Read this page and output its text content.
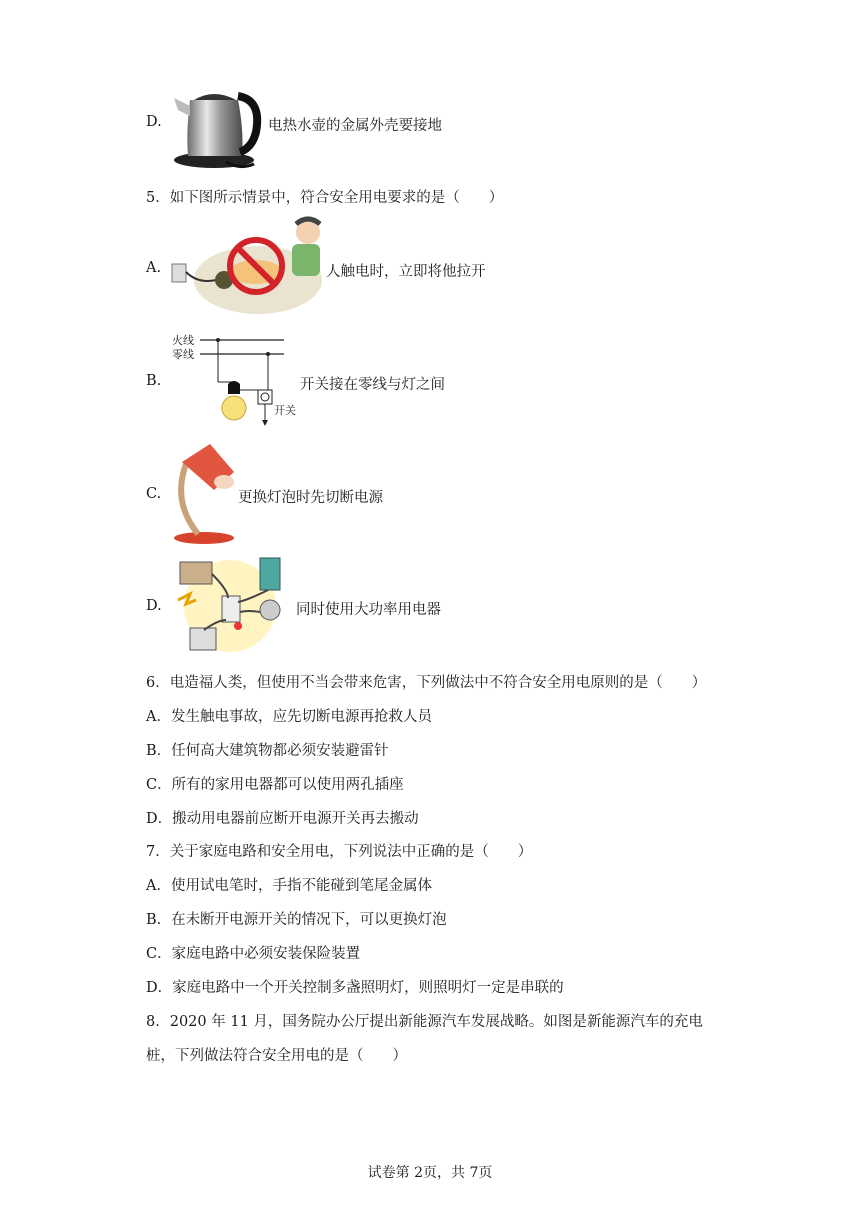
D.	电热水壶的金属外壳要接地
5．如下图所示情景中，符合安全用电要求的是（　　）
A.	人触电时，立即将他拉开
B.
火线
零线
开关
开关接在零线与灯之间
C.	更换灯泡时先切断电源
D.	同时使用大功率用电器
6．电造福人类，但使用不当会带来危害，下列做法中不符合安全用电原则的是（　　）
A．发生触电事故，应先切断电源再抢救人员
B．任何高大建筑物都必须安装避雷针
C．所有的家用电器都可以使用两孔插座
D．搬动用电器前应断开电源开关再去搬动
7．关于家庭电路和安全用电，下列说法中正确的是（　　）
A．使用试电笔时，手指不能碰到笔尾金属体
B．在未断开电源开关的情况下，可以更换灯泡
C．家庭电路中必须安装保险装置
D．家庭电路中一个开关控制多盏照明灯，则照明灯一定是串联的
8．2020 年 11 月，国务院办公厅提出新能源汽车发展战略。如图是新能源汽车的充电
桩，下列做法符合安全用电的是（　　）
试卷第 2页，共 7页
